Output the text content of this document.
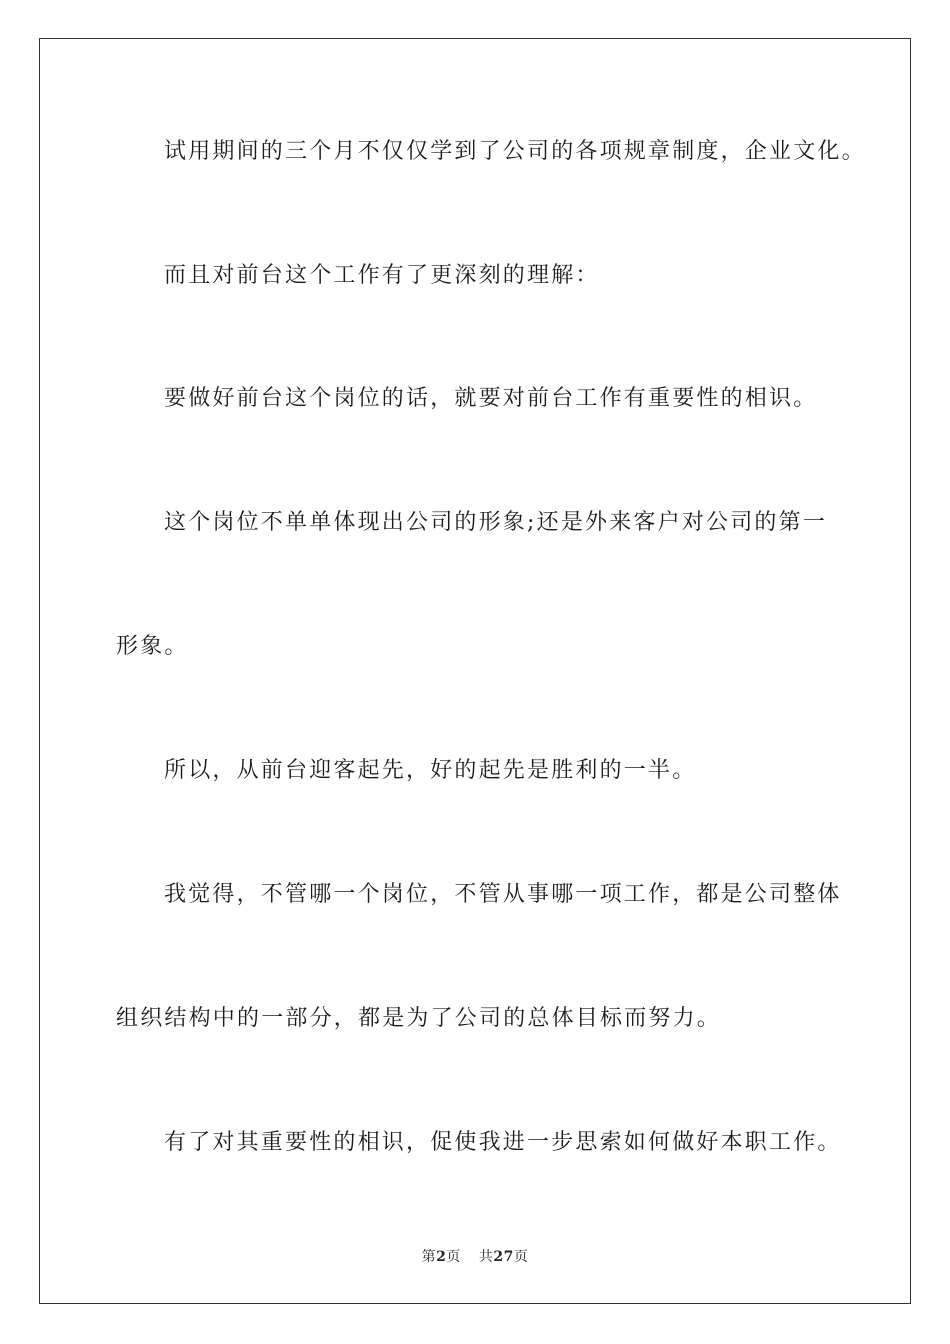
试用期间的三个月不仅仅学到了公司的各项规章制度，企业文化。
而且对前台这个工作有了更深刻的理解：
要做好前台这个岗位的话，就要对前台工作有重要性的相识。
这个岗位不单单体现出公司的形象;还是外来客户对公司的第一
形象。
所以，从前台迎客起先，好的起先是胜利的一半。
我觉得，不管哪一个岗位，不管从事哪一项工作，都是公司整体
组织结构中的一部分，都是为了公司的总体目标而努力。
有了对其重要性的相识，促使我进一步思索如何做好本职工作。
第2页 共27页
